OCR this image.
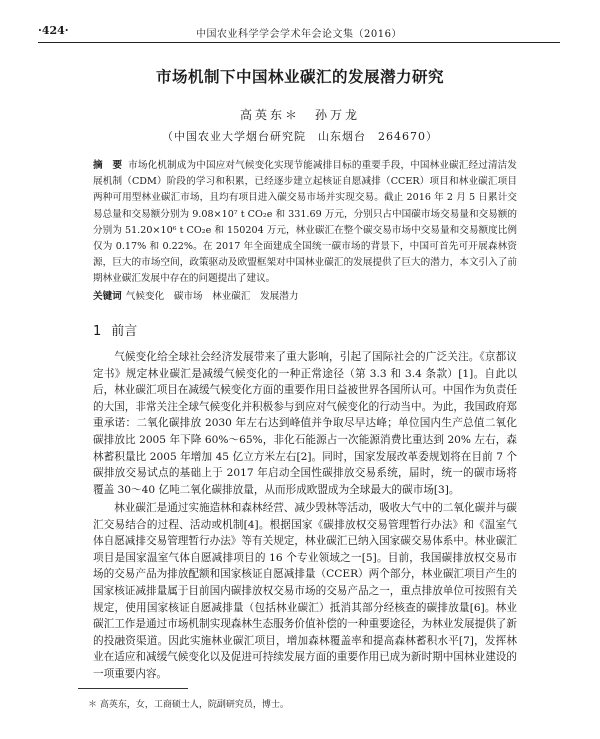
·424·	中国农业科学学会学术年会论文集（2016）
市场机制下中国林业碳汇的发展潜力研究
高英东＊　孙万龙
（中国农业大学烟台研究院　山东烟台　264670）

摘　要 市场化机制成为中国应对气候变化实现节能减排目标的重要手段，中国林业碳汇经过清洁发展机制（CDM）阶段的学习和积累，已经逐步建立起核证自愿减排（CCER）项目和林业碳汇项目两种可用型林业碳汇市场，且均有项目进入碳交易市场并实现交易。截止 2016 年 2 月 5 日累计交易总量和交易额分别为 9.08×10⁷ t CO₂e 和 331.69 万元，分别只占中国碳市场交易量和交易额的分别为 51.20×10⁶ t CO₂e 和 150204 万元，林业碳汇在整个碳交易市场中交易量和交易额度比例仅为 0.17% 和 0.22%。在 2017 年全面建成全国统一碳市场的背景下，中国可首先可开展森林资源，巨大的市场空间，政策驱动及欧盟框架对中国林业碳汇的发展提供了巨大的潜力，本文引入了前期林业碳汇发展中存在的问题提出了建议。

关键词 气候变化　碳市场　林业碳汇　发展潜力

1 前言

气候变化给全球社会经济发展带来了重大影响，引起了国际社会的广泛关注。《京都议定书》规定林业碳汇是减缓气候变化的一种正常途径（第 3.3 和 3.4 条款）[1]。自此以后，林业碳汇项目在减缓气候变化方面的重要作用日益被世界各国所认可。中国作为负责任的大国，非常关注全球气候变化并积极参与到应对气候变化的行动当中。为此，我国政府郑重承诺：二氧化碳排放 2030 年左右达到峰值并争取尽早达峰；单位国内生产总值二氧化碳排放比 2005 年下降 60%～65%，非化石能源占一次能源消费比重达到 20% 左右，森林蓄积量比 2005 年增加 45 亿立方米左右[2]。同时，国家发展改革委规划将在目前 7 个碳排放交易试点的基础上于 2017 年启动全国性碳排放交易系统，届时，统一的碳市场将覆盖 30～40 亿吨二氧化碳排放量，从而形成欧盟成为全球最大的碳市场[3]。

林业碳汇是通过实施造林和森林经营、减少毁林等活动，吸收大气中的二氧化碳并与碳汇交易结合的过程、活动或机制[4]。根据国家《碳排放权交易管理暂行办法》和《温室气体自愿减排交易管理暂行办法》等有关规定，林业碳汇已纳入国家碳交易体系中。林业碳汇项目是国家温室气体自愿减排项目的 16 个专业领域之一[5]。目前，我国碳排放权交易市场的交易产品为排放配额和国家核证自愿减排量（CCER）两个部分，林业碳汇项目产生的国家核证减排量属于目前国内碳排放权交易市场的交易产品之一，重点排放单位可按照有关规定，使用国家核证自愿减排量（包括林业碳汇）抵消其部分经核查的碳排放量[6]。林业碳汇工作是通过市场机制实现森林生态服务价值补偿的一种重要途径，为林业发展提供了新的投融资渠道。因此实施林业碳汇项目，增加森林覆盖率和提高森林蓄积水平[7]，发挥林业在适应和减缓气候变化以及促进可持续发展方面的重要作用已成为新时期中国林业建设的一项重要内容。

＊ 高英东，女，工商硕士人，院副研究员，博士。
